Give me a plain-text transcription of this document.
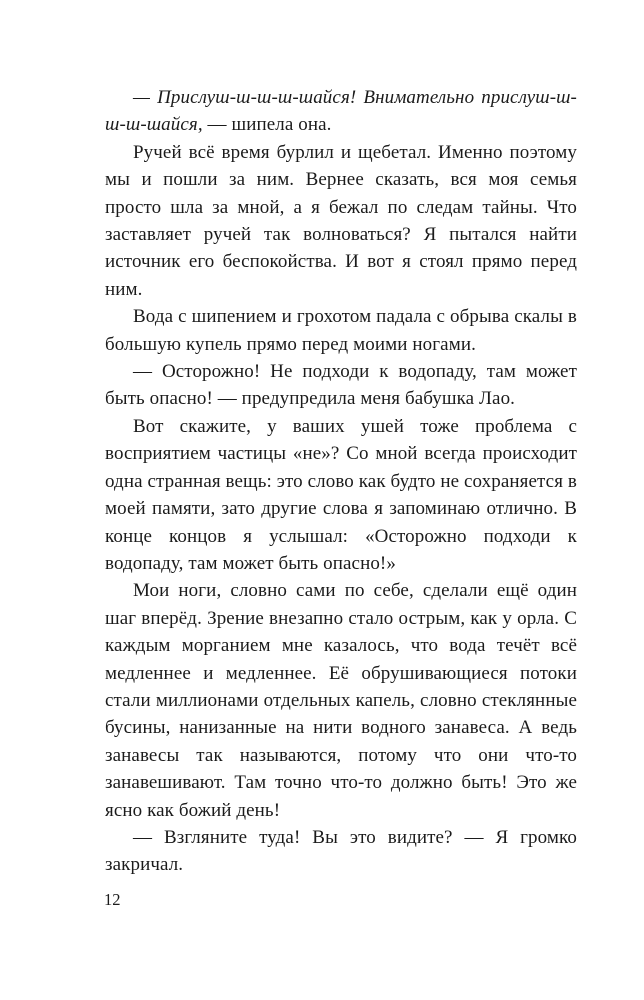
— Прислуш-ш-ш-ш-шайся! Внимательно прислуш-ш-ш-ш-шайся, — шипела она.

Ручей всё время бурлил и щебетал. Именно поэтому мы и пошли за ним. Вернее сказать, вся моя семья просто шла за мной, а я бежал по следам тайны. Что заставляет ручей так волноваться? Я пытался найти источник его беспокойства. И вот я стоял прямо перед ним.

Вода с шипением и грохотом падала с обрыва скалы в большую купель прямо перед моими ногами.

— Осторожно! Не подходи к водопаду, там может быть опасно! — предупредила меня бабушка Лао.

Вот скажите, у ваших ушей тоже проблема с восприятием частицы «не»? Со мной всегда происходит одна странная вещь: это слово как будто не сохраняется в моей памяти, зато другие слова я запоминаю отлично. В конце концов я услышал: «Осторожно подходи к водопаду, там может быть опасно!»

Мои ноги, словно сами по себе, сделали ещё один шаг вперёд. Зрение внезапно стало острым, как у орла. С каждым морганием мне казалось, что вода течёт всё медленнее и медленнее. Её обрушивающиеся потоки стали миллионами отдельных капель, словно стеклянные бусины, нанизанные на нити водного занавеса. А ведь занавесы так называются, потому что они что-то занавешивают. Там точно что-то должно быть! Это же ясно как божий день!

— Взгляните туда! Вы это видите? — Я громко закричал.

12
